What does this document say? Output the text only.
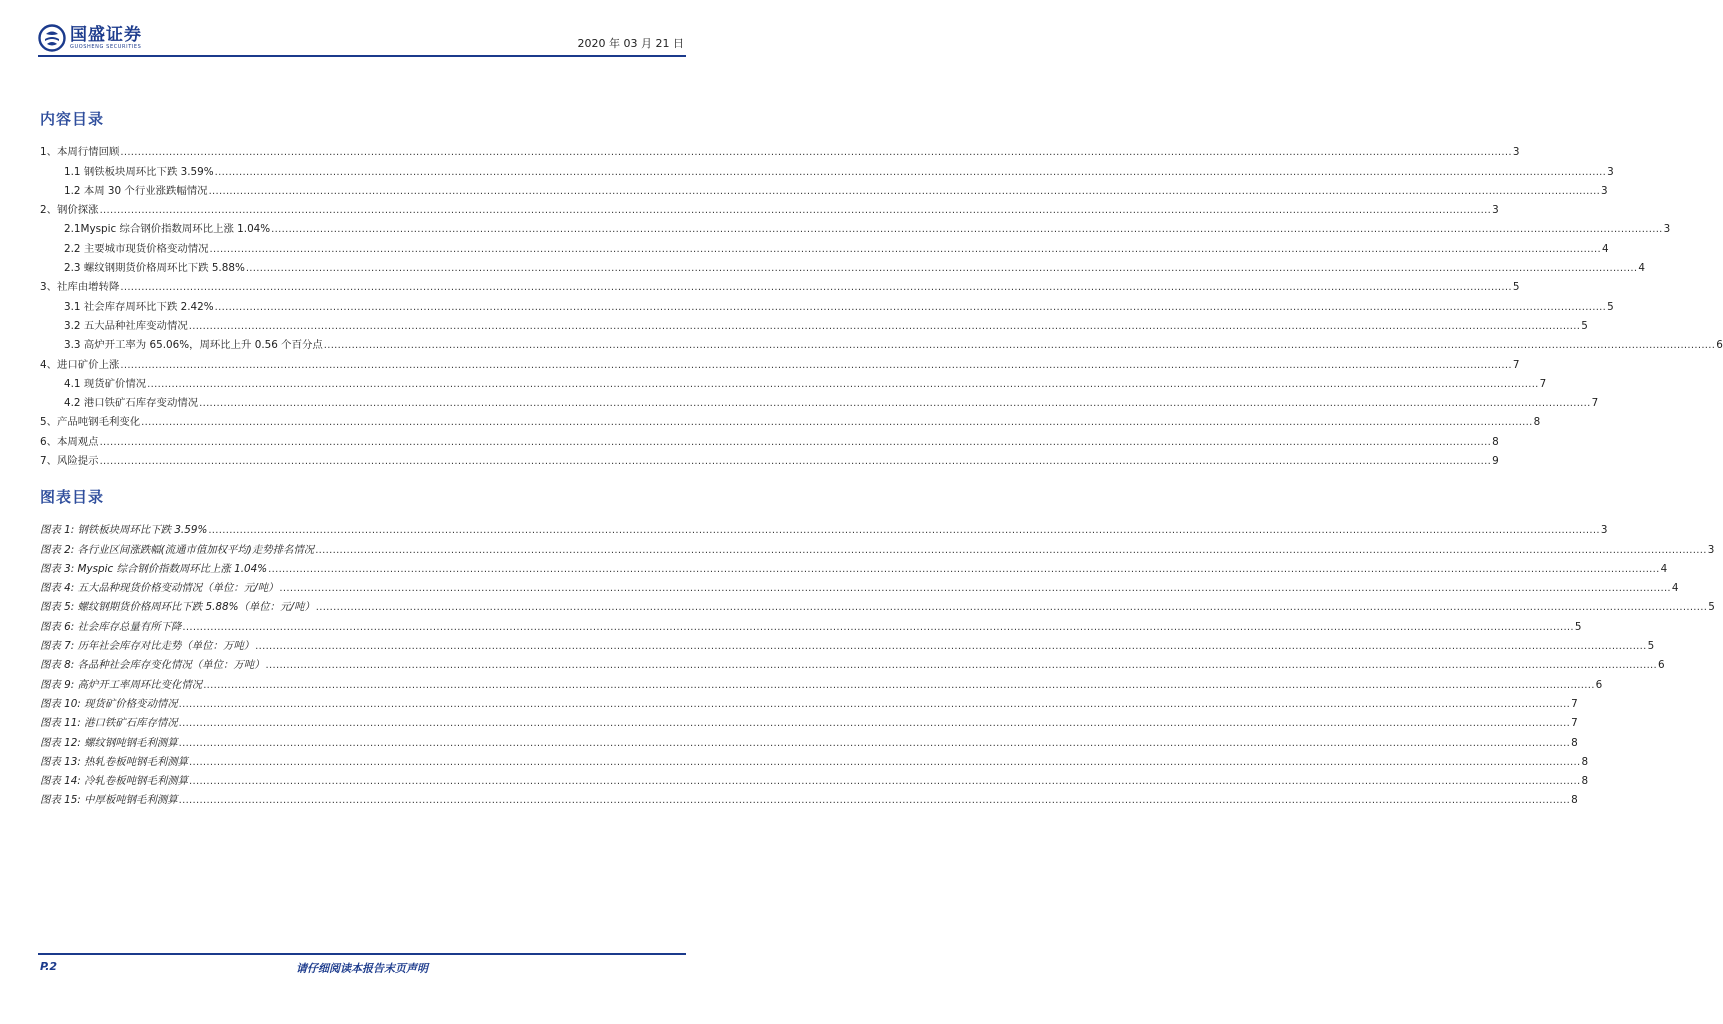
国盛证券
GUOSHENG SECURITIES	2020 年 03 月 21 日
内容目录
1、本周行情回顾 ................................................................................................................................................................................................................................................................................................................................................................................................................ 3
1.1 钢铁板块周环比下跌 3.59% ................................................................................................................................................................................................................................................................................................................................................................................................................ 3
1.2 本周 30 个行业涨跌幅情况 ................................................................................................................................................................................................................................................................................................................................................................................................................ 3
2、钢价探涨 ................................................................................................................................................................................................................................................................................................................................................................................................................ 3
2.1Myspic 综合钢价指数周环比上涨 1.04% ................................................................................................................................................................................................................................................................................................................................................................................................................ 3
2.2 主要城市现货价格变动情况 ................................................................................................................................................................................................................................................................................................................................................................................................................ 4
2.3 螺纹钢期货价格周环比下跌 5.88% ................................................................................................................................................................................................................................................................................................................................................................................................................ 4
3、社库由增转降 ................................................................................................................................................................................................................................................................................................................................................................................................................ 5
3.1 社会库存周环比下跌 2.42% ................................................................................................................................................................................................................................................................................................................................................................................................................ 5
3.2 五大品种社库变动情况 ................................................................................................................................................................................................................................................................................................................................................................................................................ 5
3.3 高炉开工率为 65.06%，周环比上升 0.56 个百分点 ................................................................................................................................................................................................................................................................................................................................................................................................................ 6
4、进口矿价上涨 ................................................................................................................................................................................................................................................................................................................................................................................................................ 7
4.1 现货矿价情况 ................................................................................................................................................................................................................................................................................................................................................................................................................ 7
4.2 港口铁矿石库存变动情况 ................................................................................................................................................................................................................................................................................................................................................................................................................ 7
5、产品吨钢毛利变化 ................................................................................................................................................................................................................................................................................................................................................................................................................ 8
6、本周观点 ................................................................................................................................................................................................................................................................................................................................................................................................................ 8
7、风险提示 ................................................................................................................................................................................................................................................................................................................................................................................................................ 9
图表目录
图表 1: 钢铁板块周环比下跌 3.59% ................................................................................................................................................................................................................................................................................................................................................................................................................ 3
图表 2: 各行业区间涨跌幅(流通市值加权平均)走势排名情况 ................................................................................................................................................................................................................................................................................................................................................................................................................ 3
图表 3: Myspic 综合钢价指数周环比上涨 1.04% ................................................................................................................................................................................................................................................................................................................................................................................................................ 4
图表 4: 五大品种现货价格变动情况（单位：元/吨） ................................................................................................................................................................................................................................................................................................................................................................................................................ 4
图表 5: 螺纹钢期货价格周环比下跌 5.88%（单位：元/吨） ................................................................................................................................................................................................................................................................................................................................................................................................................ 5
图表 6: 社会库存总量有所下降 ................................................................................................................................................................................................................................................................................................................................................................................................................ 5
图表 7: 历年社会库存对比走势（单位：万吨） ................................................................................................................................................................................................................................................................................................................................................................................................................ 5
图表 8: 各品种社会库存变化情况（单位：万吨） ................................................................................................................................................................................................................................................................................................................................................................................................................ 6
图表 9: 高炉开工率周环比变化情况 ................................................................................................................................................................................................................................................................................................................................................................................................................ 6
图表 10: 现货矿价格变动情况 ................................................................................................................................................................................................................................................................................................................................................................................................................ 7
图表 11: 港口铁矿石库存情况 ................................................................................................................................................................................................................................................................................................................................................................................................................ 7
图表 12: 螺纹钢吨钢毛利测算 ................................................................................................................................................................................................................................................................................................................................................................................................................ 8
图表 13: 热轧卷板吨钢毛利测算 ................................................................................................................................................................................................................................................................................................................................................................................................................ 8
图表 14: 冷轧卷板吨钢毛利测算 ................................................................................................................................................................................................................................................................................................................................................................................................................ 8
图表 15: 中厚板吨钢毛利测算 ................................................................................................................................................................................................................................................................................................................................................................................................................ 8
P.2	请仔细阅读本报告末页声明
